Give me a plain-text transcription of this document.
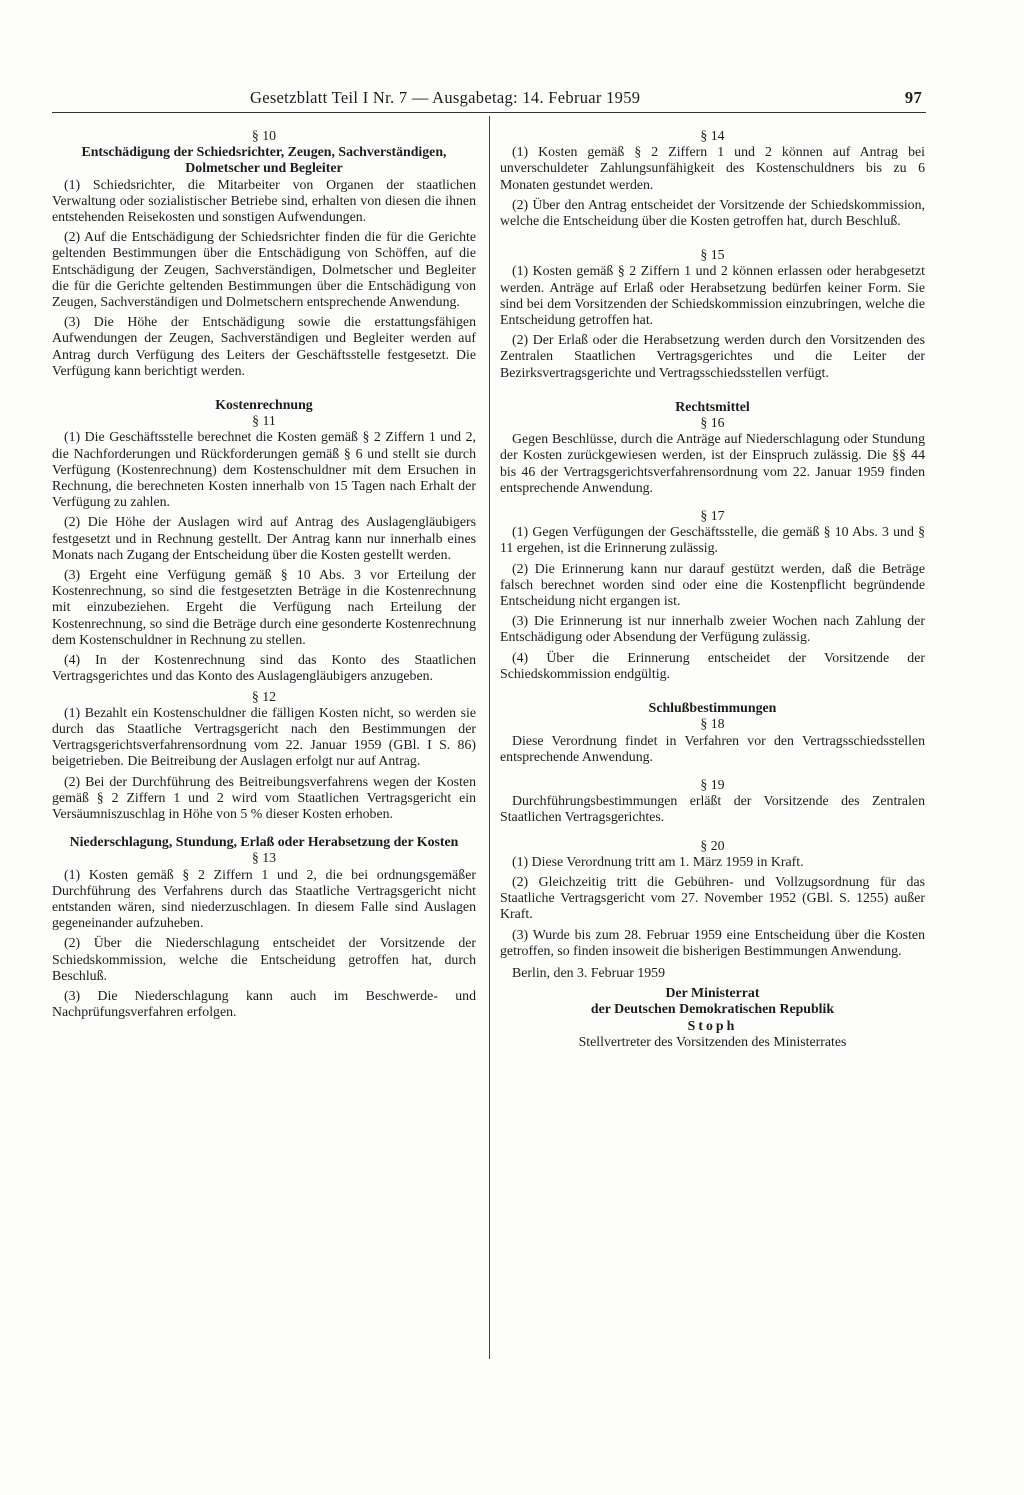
Gesetzblatt Teil I Nr. 7 — Ausgabetag: 14. Februar 1959	97

§ 10

Entschädigung der Schiedsrichter, Zeugen, Sachverständigen, Dolmetscher und Begleiter

(1) Schiedsrichter, die Mitarbeiter von Organen der staatlichen Verwaltung oder sozialistischer Betriebe sind, erhalten von diesen die ihnen entstehenden Reisekosten und sonstigen Aufwendungen.

(2) Auf die Entschädigung der Schiedsrichter finden die für die Gerichte geltenden Bestimmungen über die Entschädigung von Schöffen, auf die Entschädigung der Zeugen, Sachverständigen, Dolmetscher und Begleiter die für die Gerichte geltenden Bestimmungen über die Entschädigung von Zeugen, Sachverständigen und Dolmetschern entsprechende Anwendung.

(3) Die Höhe der Entschädigung sowie die erstattungsfähigen Aufwendungen der Zeugen, Sachverständigen und Begleiter werden auf Antrag durch Verfügung des Leiters der Geschäftsstelle festgesetzt. Die Verfügung kann berichtigt werden.

Kostenrechnung

§ 11

(1) Die Geschäftsstelle berechnet die Kosten gemäß § 2 Ziffern 1 und 2, die Nachforderungen und Rückforderungen gemäß § 6 und stellt sie durch Verfügung (Kostenrechnung) dem Kostenschuldner mit dem Ersuchen in Rechnung, die berechneten Kosten innerhalb von 15 Tagen nach Erhalt der Verfügung zu zahlen.

(2) Die Höhe der Auslagen wird auf Antrag des Auslagengläubigers festgesetzt und in Rechnung gestellt. Der Antrag kann nur innerhalb eines Monats nach Zugang der Entscheidung über die Kosten gestellt werden.

(3) Ergeht eine Verfügung gemäß § 10 Abs. 3 vor Erteilung der Kostenrechnung, so sind die festgesetzten Beträge in die Kostenrechnung mit einzubeziehen. Ergeht die Verfügung nach Erteilung der Kostenrechnung, so sind die Beträge durch eine gesonderte Kostenrechnung dem Kostenschuldner in Rechnung zu stellen.

(4) In der Kostenrechnung sind das Konto des Staatlichen Vertragsgerichtes und das Konto des Auslagengläubigers anzugeben.

§ 12

(1) Bezahlt ein Kostenschuldner die fälligen Kosten nicht, so werden sie durch das Staatliche Vertragsgericht nach den Bestimmungen der Vertragsgerichtsverfahrensordnung vom 22. Januar 1959 (GBl. I S. 86) beigetrieben. Die Beitreibung der Auslagen erfolgt nur auf Antrag.

(2) Bei der Durchführung des Beitreibungsverfahrens wegen der Kosten gemäß § 2 Ziffern 1 und 2 wird vom Staatlichen Vertragsgericht ein Versäumniszuschlag in Höhe von 5 % dieser Kosten erhoben.

Niederschlagung, Stundung, Erlaß oder Herabsetzung der Kosten

§ 13

(1) Kosten gemäß § 2 Ziffern 1 und 2, die bei ordnungsgemäßer Durchführung des Verfahrens durch das Staatliche Vertragsgericht nicht entstanden wären, sind niederzuschlagen. In diesem Falle sind Auslagen gegeneinander aufzuheben.

(2) Über die Niederschlagung entscheidet der Vorsitzende der Schiedskommission, welche die Entscheidung getroffen hat, durch Beschluß.

(3) Die Niederschlagung kann auch im Beschwerde- und Nachprüfungsverfahren erfolgen.

§ 14

(1) Kosten gemäß § 2 Ziffern 1 und 2 können auf Antrag bei unverschuldeter Zahlungsunfähigkeit des Kostenschuldners bis zu 6 Monaten gestundet werden.

(2) Über den Antrag entscheidet der Vorsitzende der Schiedskommission, welche die Entscheidung über die Kosten getroffen hat, durch Beschluß.

§ 15

(1) Kosten gemäß § 2 Ziffern 1 und 2 können erlassen oder herabgesetzt werden. Anträge auf Erlaß oder Herabsetzung bedürfen keiner Form. Sie sind bei dem Vorsitzenden der Schiedskommission einzubringen, welche die Entscheidung getroffen hat.

(2) Der Erlaß oder die Herabsetzung werden durch den Vorsitzenden des Zentralen Staatlichen Vertragsgerichtes und die Leiter der Bezirksvertragsgerichte und Vertragsschiedsstellen verfügt.

Rechtsmittel

§ 16

Gegen Beschlüsse, durch die Anträge auf Niederschlagung oder Stundung der Kosten zurückgewiesen werden, ist der Einspruch zulässig. Die §§ 44 bis 46 der Vertragsgerichtsverfahrensordnung vom 22. Januar 1959 finden entsprechende Anwendung.

§ 17

(1) Gegen Verfügungen der Geschäftsstelle, die gemäß § 10 Abs. 3 und § 11 ergehen, ist die Erinnerung zulässig.

(2) Die Erinnerung kann nur darauf gestützt werden, daß die Beträge falsch berechnet worden sind oder eine die Kostenpflicht begründende Entscheidung nicht ergangen ist.

(3) Die Erinnerung ist nur innerhalb zweier Wochen nach Zahlung der Entschädigung oder Absendung der Verfügung zulässig.

(4) Über die Erinnerung entscheidet der Vorsitzende der Schiedskommission endgültig.

Schlußbestimmungen

§ 18

Diese Verordnung findet in Verfahren vor den Vertragsschiedsstellen entsprechende Anwendung.

§ 19

Durchführungsbestimmungen erläßt der Vorsitzende des Zentralen Staatlichen Vertragsgerichtes.

§ 20

(1) Diese Verordnung tritt am 1. März 1959 in Kraft.

(2) Gleichzeitig tritt die Gebühren- und Vollzugsordnung für das Staatliche Vertragsgericht vom 27. November 1952 (GBl. S. 1255) außer Kraft.

(3) Wurde bis zum 28. Februar 1959 eine Entscheidung über die Kosten getroffen, so finden insoweit die bisherigen Bestimmungen Anwendung.

Berlin, den 3. Februar 1959

Der Ministerrat

der Deutschen Demokratischen Republik

Stoph

Stellvertreter des Vorsitzenden des Ministerrates
